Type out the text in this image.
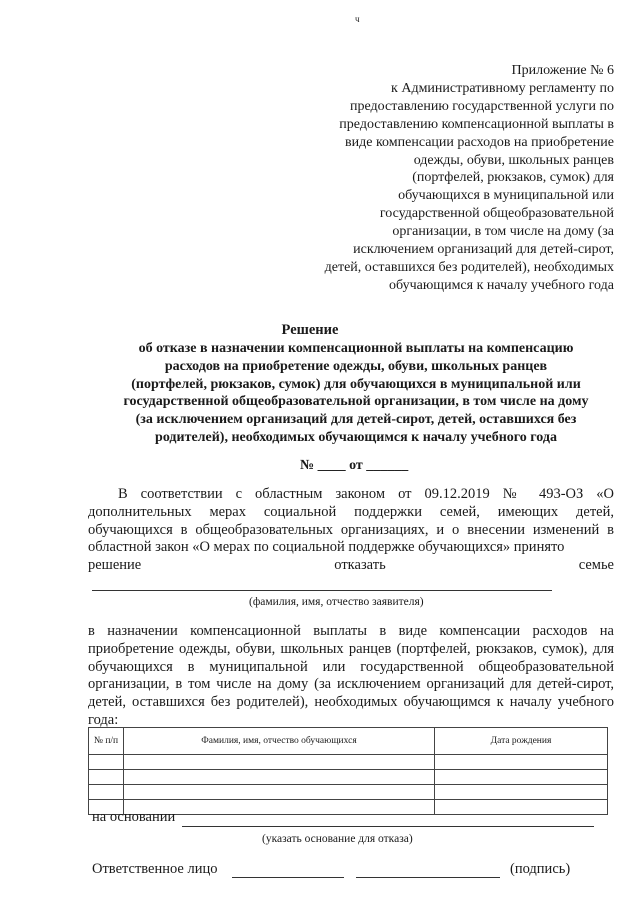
ч
Приложение № 6
к Административному регламенту по
предоставлению государственной услуги по
предоставлению компенсационной выплаты в
виде компенсации расходов на приобретение
одежды, обуви, школьных ранцев
(портфелей, рюкзаков, сумок) для
обучающихся в муниципальной или
государственной общеобразовательной
организации, в том числе на дому (за
исключением организаций для детей-сирот,
детей, оставшихся без родителей), необходимых
обучающимся к началу учебного года
Решение
об отказе в назначении компенсационной выплаты на компенсацию
расходов на приобретение одежды, обуви, школьных ранцев
(портфелей, рюкзаков, сумок) для обучающихся в муниципальной или
государственной общеобразовательной организации, в том числе на дому
(за исключением организаций для детей-сирот, детей, оставшихся без
родителей), необходимых обучающимся к началу учебного года
№ ____ от ______
В соответствии с областным законом от 09.12.2019 № 493-ОЗ «О дополнительных мерах социальной поддержки семей, имеющих детей, обучающихся в общеобразовательных организациях, и о внесении изменений в областной закон «О мерах по социальной поддержке обучающихся» принято
решение	отказать	семье
(фамилия, имя, отчество заявителя)
в назначении компенсационной выплаты в виде компенсации расходов на приобретение одежды, обуви, школьных ранцев (портфелей, рюкзаков, сумок), для обучающихся в муниципальной или государственной общеобразовательной организации, в том числе на дому (за исключением организаций для детей-сирот, детей, оставшихся без родителей), необходимых обучающимся к началу учебного года:
№ п/п	Фамилия, имя, отчество обучающихся	Дата рождения

на основании
(указать основание для отказа)
Ответственное лицо	(подпись)
